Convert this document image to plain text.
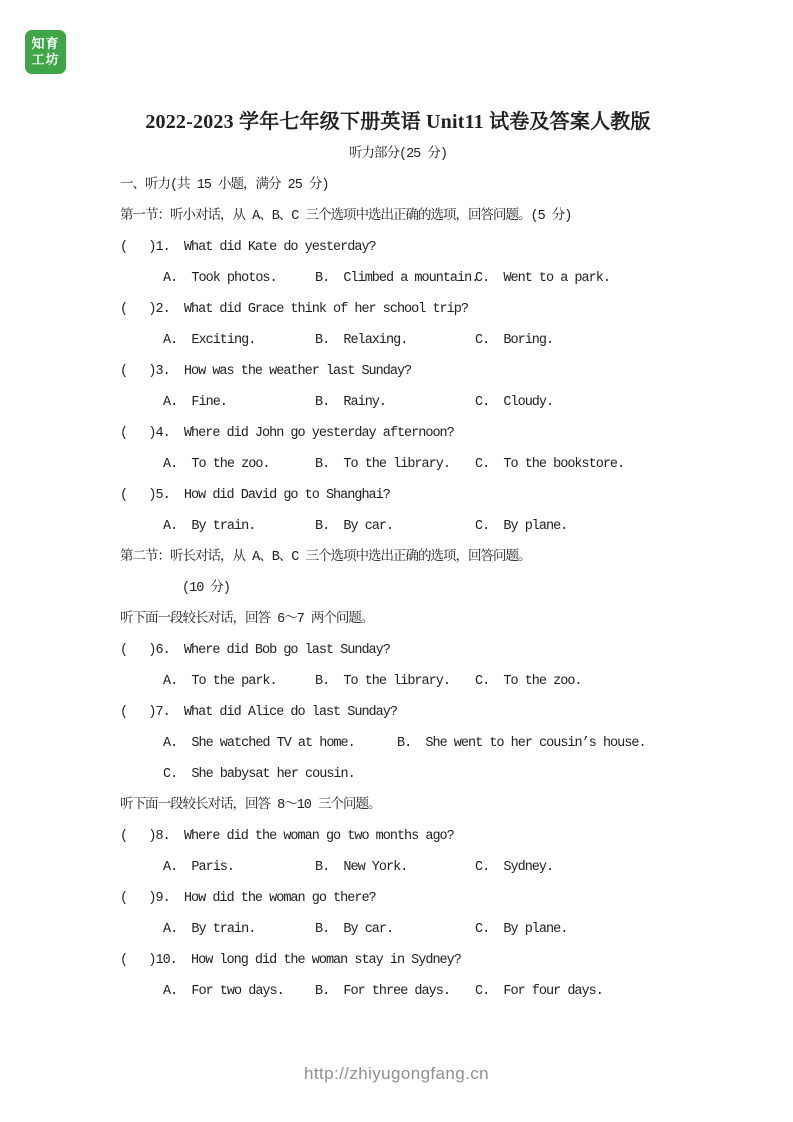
知育
工坊
2022-2023 学年七年级下册英语 Unit11 试卷及答案人教版
听力部分(25 分)
一、听力(共 15 小题，满分 25 分)
第一节：听小对话，从 A、B、C 三个选项中选出正确的选项，回答问题。(5 分)
(   )1.  What did Kate do yesterday?
A.  Took photos.	B.  Climbed a mountain.
C.  Went to a park.
(   )2.  What did Grace think of her school trip?
A.  Exciting.	B.  Relaxing.	C.  Boring.
(   )3.  How was the weather last Sunday?
A.  Fine.	B.  Rainy.	C.  Cloudy.
(   )4.  Where did John go yesterday afternoon?
A.  To the zoo.	B.  To the library.	C.  To the bookstore.
(   )5.  How did David go to Shanghai?
A.  By train.	B.  By car.	C.  By plane.
第二节：听长对话，从 A、B、C 三个选项中选出正确的选项，回答问题。
(10 分)
听下面一段较长对话，回答 6～7 两个问题。
(   )6.  Where did Bob go last Sunday?
A.  To the park.	B.  To the library.	C.  To the zoo.
(   )7.  What did Alice do last Sunday?
A.  She watched TV at home.	B.  She went to her cousin’s house.
C.  She babysat her cousin.
听下面一段较长对话，回答 8～10 三个问题。
(   )8.  Where did the woman go two months ago?
A.  Paris.	B.  New York.	C.  Sydney.
(   )9.  How did the woman go there?
A.  By train.	B.  By car.	C.  By plane.
(   )10.  How long did the woman stay in Sydney?
A.  For two days.	B.  For three days.	C.  For four days.
http://zhiyugongfang.cn
